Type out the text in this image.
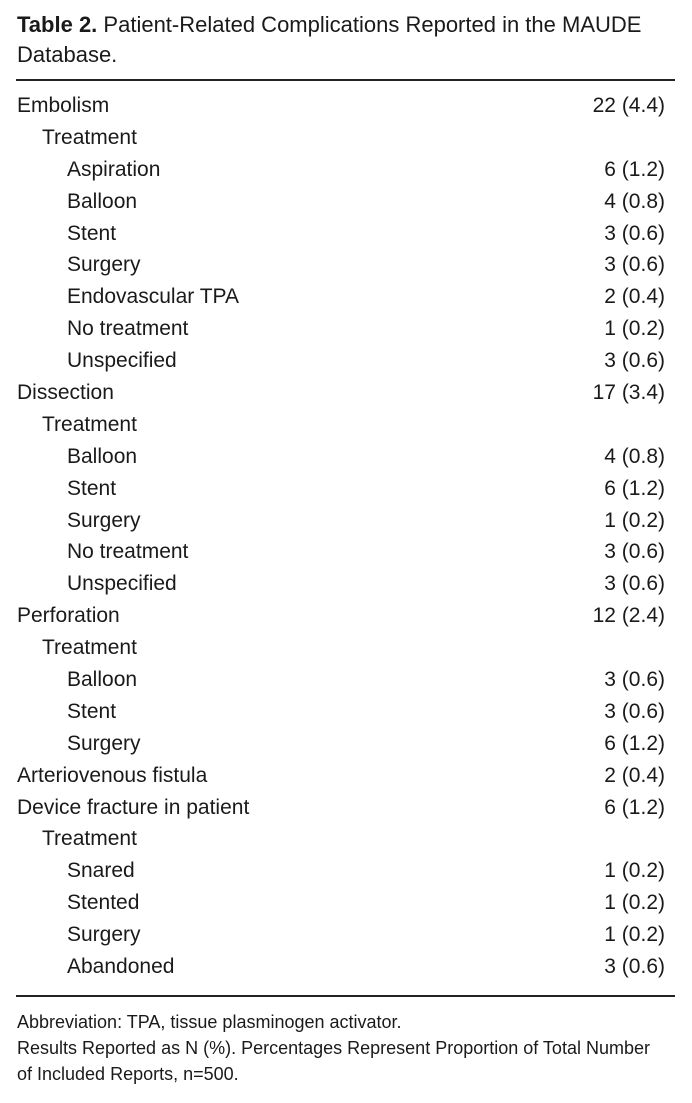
Table 2. Patient-Related Complications Reported in the MAUDE Database.
Embolism	22 (4.4)
Treatment
Aspiration	6 (1.2)
Balloon	4 (0.8)
Stent	3 (0.6)
Surgery	3 (0.6)
Endovascular TPA	2 (0.4)
No treatment	1 (0.2)
Unspecified	3 (0.6)
Dissection	17 (3.4)
Treatment
Balloon	4 (0.8)
Stent	6 (1.2)
Surgery	1 (0.2)
No treatment	3 (0.6)
Unspecified	3 (0.6)
Perforation	12 (2.4)
Treatment
Balloon	3 (0.6)
Stent	3 (0.6)
Surgery	6 (1.2)
Arteriovenous fistula	2 (0.4)
Device fracture in patient	6 (1.2)
Treatment
Snared	1 (0.2)
Stented	1 (0.2)
Surgery	1 (0.2)
Abandoned	3 (0.6)

Abbreviation: TPA, tissue plasminogen activator.

Results Reported as N (%). Percentages Represent Proportion of Total Number of Included Reports, n=500.
